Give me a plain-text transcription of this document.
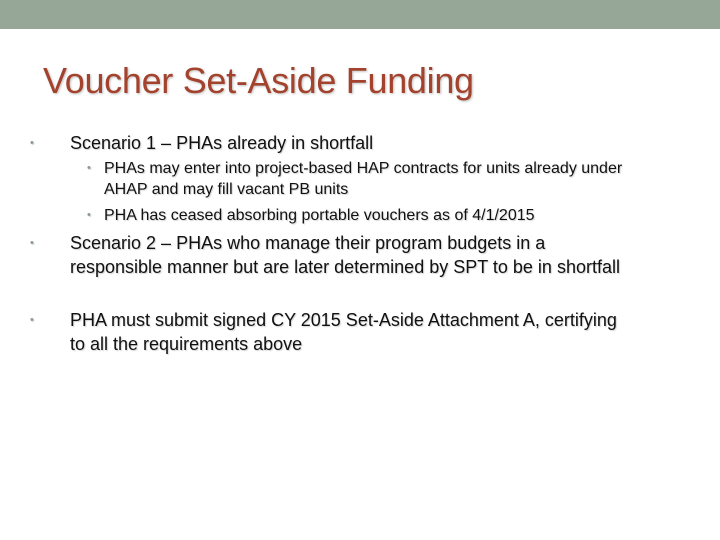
Voucher Set-Aside Funding
• Scenario 1 – PHAs already in shortfall
• PHAs may enter into project-based HAP contracts for units already under AHAP and may fill vacant PB units
• PHA has ceased absorbing portable vouchers as of 4/1/2015
• Scenario 2 – PHAs who manage their program budgets in a responsible manner but are later determined by SPT to be in shortfall
• PHA must submit signed CY 2015 Set-Aside Attachment A, certifying to all the requirements above
